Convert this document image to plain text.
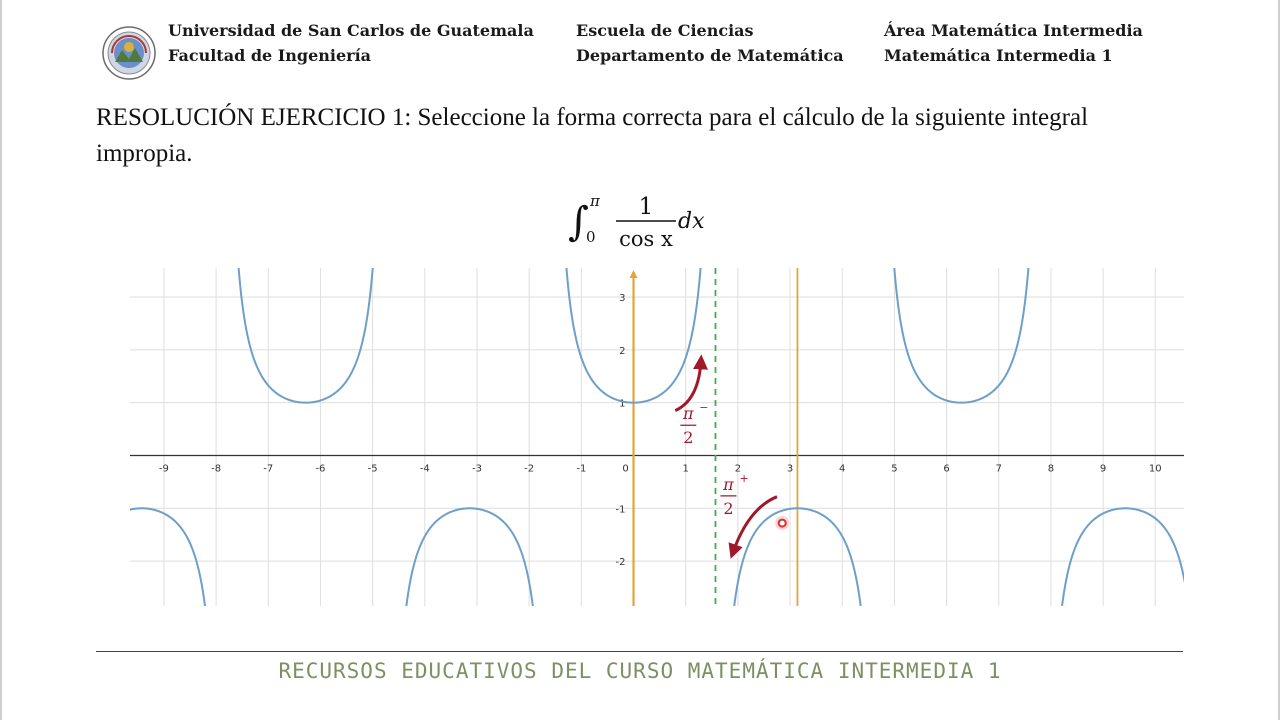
Universidad de San Carlos de Guatemala
Facultad de Ingeniería
Escuela de Ciencias
Departamento de Matemática
Área Matemática Intermedia
Matemática Intermedia 1
RESOLUCIÓN EJERCICIO 1: Seleccione la forma correcta para el cálculo de la siguiente integral impropia.
∫ π
0
1
cos x
dx
-9	-8	-7	-6	-5	-4	-3	-2	-1	0	1	2	3	4	5	6	7	8	9	10
-2
-1
1
2
3
π −
2
π +
2
RECURSOS EDUCATIVOS DEL CURSO MATEMÁTICA INTERMEDIA 1
